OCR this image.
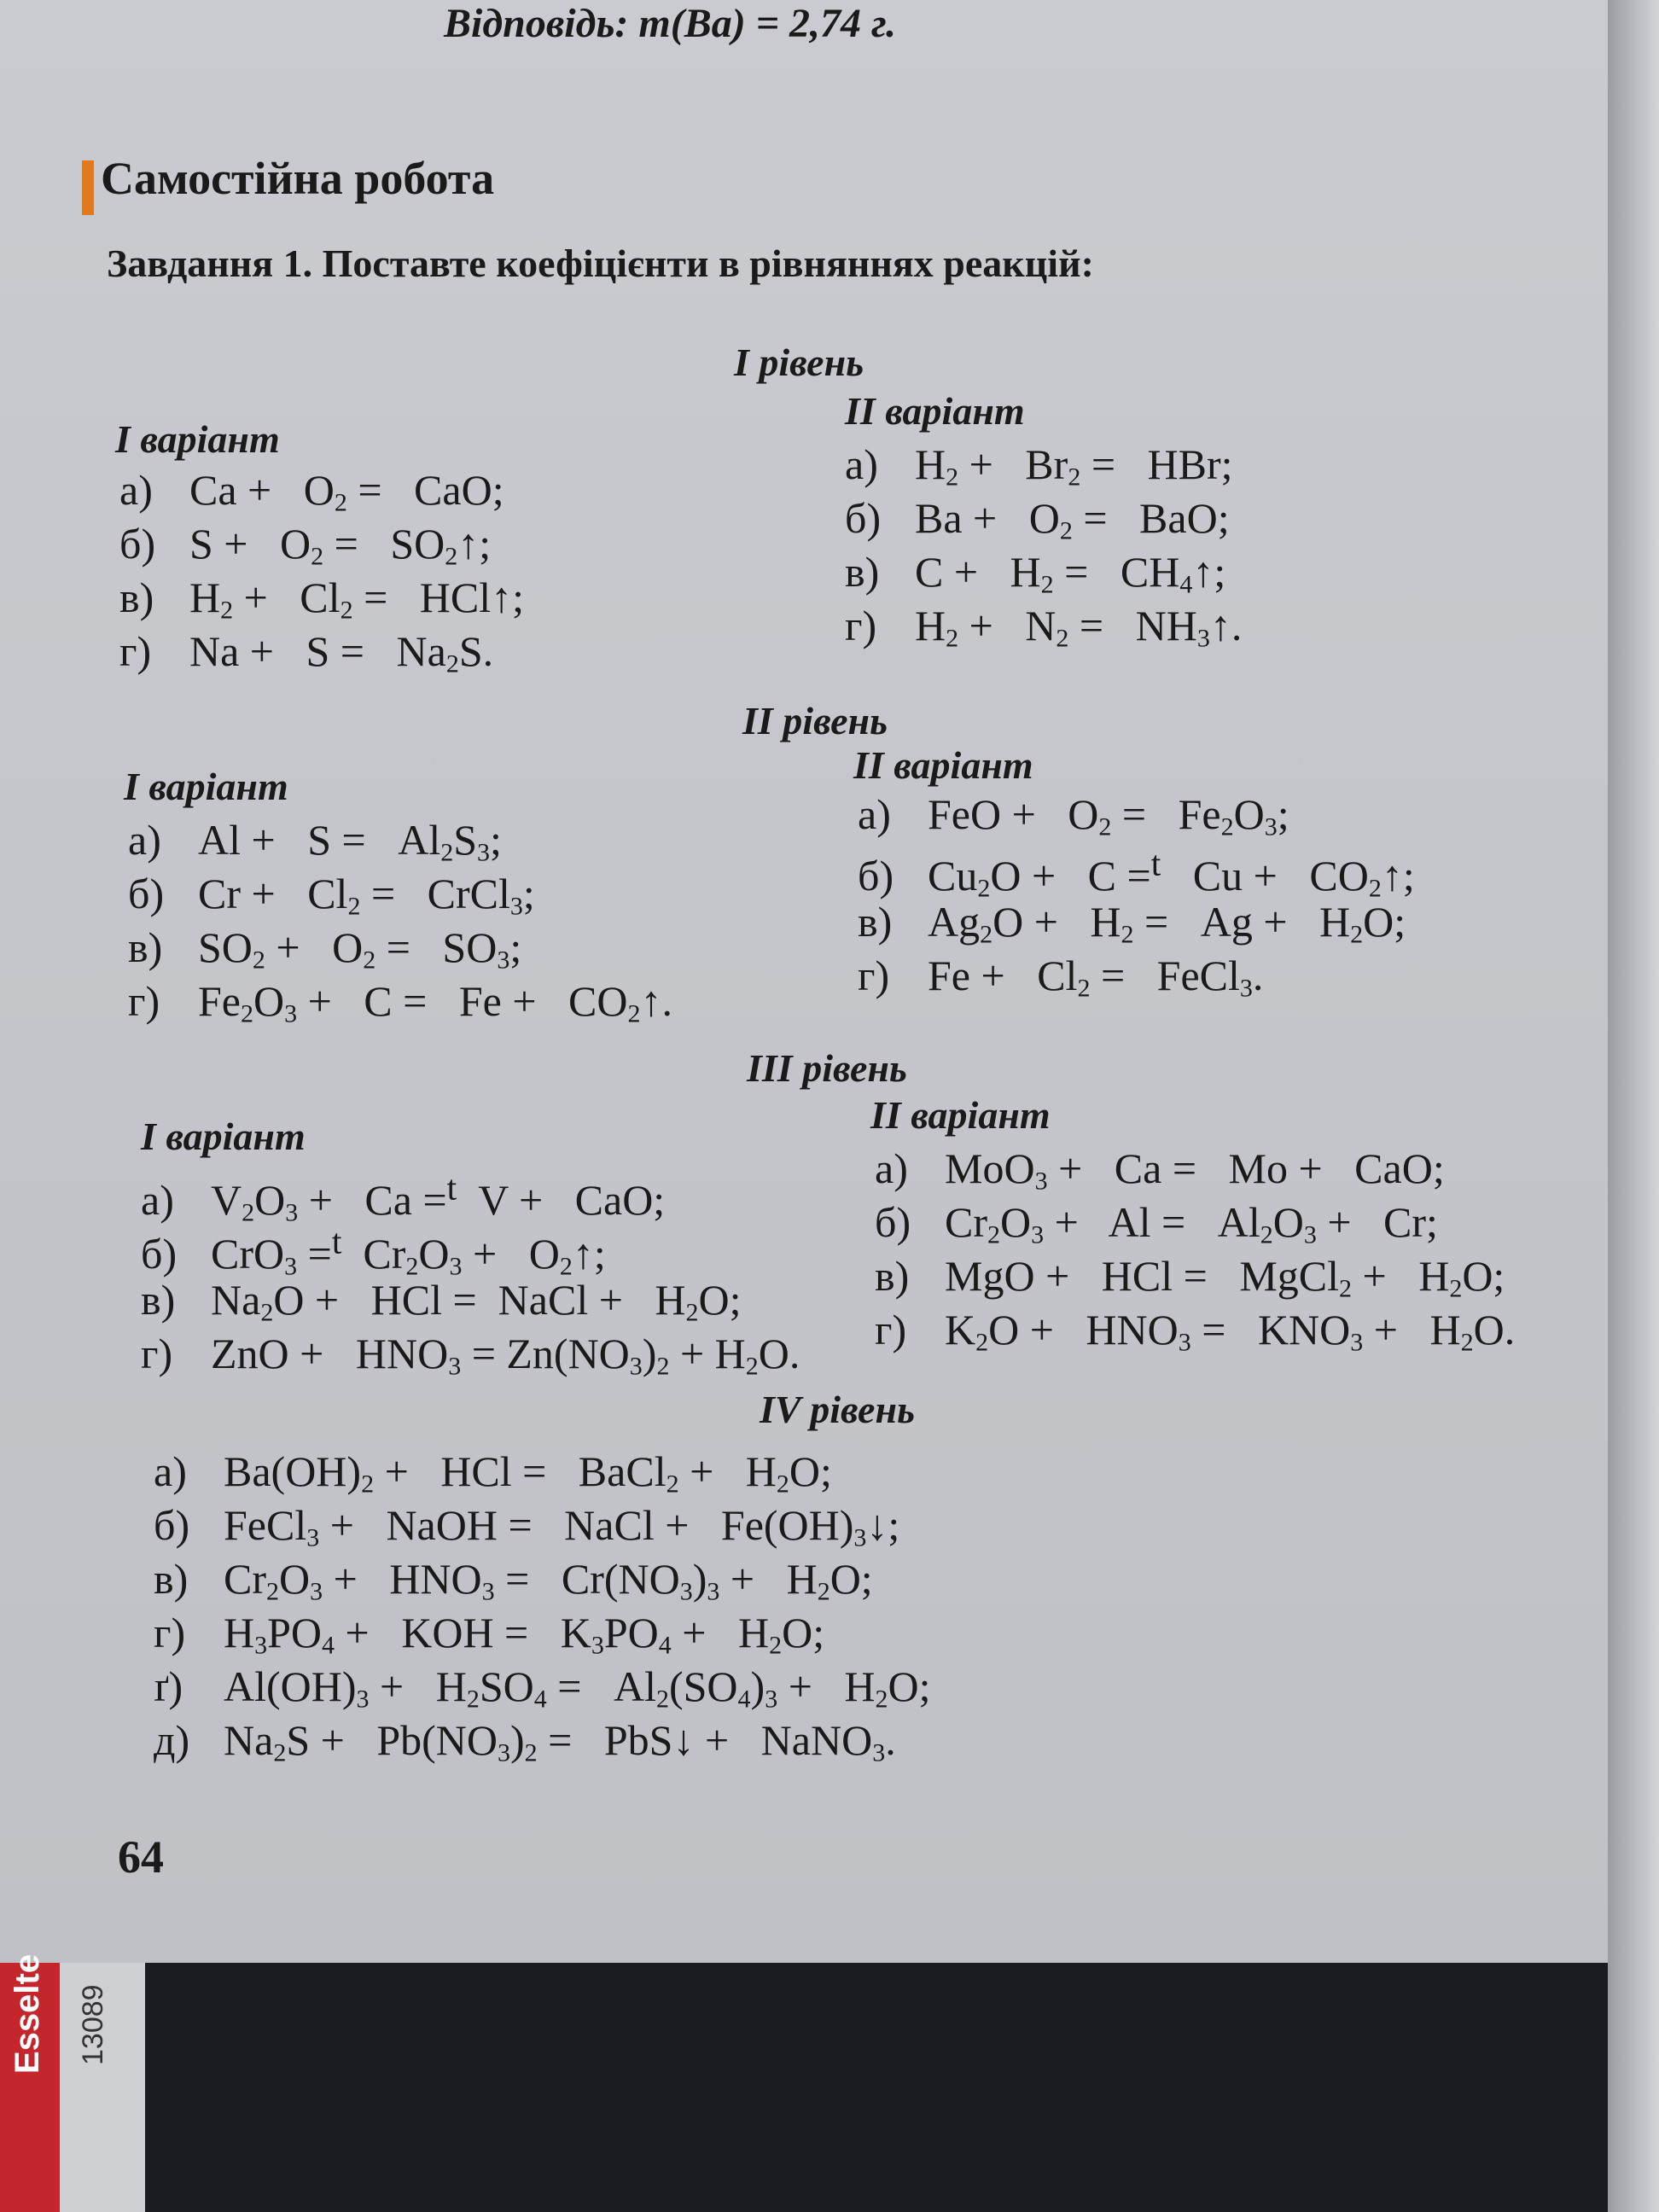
Відповідь: m(Ba) = 2,74 г.
Самостійна робота
Завдання 1. Поставте коефіцієнти в рівняннях реакцій:
I рівень
I варіант
II варіант
II рівень
I варіант	II варіант
III рівень
I варіант	II варіант
IV рівень
64
а) $Ca + O_2$ =   CaO;
б) $S + O_2$ =   $SO_2↑$;
в) $H_2 + Cl_2$ =   HCl↑;
г) $Na + S = Na_2S$.
а) $H_2 + Br_2$ =   HBr;
б) $Ba + O_2$ =   BaO;
в) $C + H_2$ =   $CH_4↑$;
г) $H_2 + N_2$ =   $NH_3↑$.
а) $Al + S = Al_2S_3$;
б) $Cr + Cl_2$ =   CrCl$_3$;
в) $SO_2 + O_2 = SO_3$;
г) $Fe_2O_3 + C = Fe$ +   $CO_2↑$.
а) FeO +   $O_2 = Fe_2O_3$;
б) $Cu_2O + C =^t$   $Cu + CO_2↑$;
в) $Ag_2O + H_2 = Ag + H_2O$;
г) $Fe + Cl_2$ =   FeCl$_3$.
а) $V_2O_3 + Ca =^t$  V +   CaO;
б) CrO$_3$ =$^t$  $Cr_2O_3$ +   $O_2↑$;
в) $Na_2O$ +   HCl =  NaCl +   $H_2O$;
г) ZnO +   $HNO_3 = Zn(NO_3)_2 + H_2O$.
а) MoO$_3$ +   Ca =   Mo +   CaO;
б) $Cr_2O_3 + Al = Al_2O_3 + Cr$;
в) MgO +   HCl =   MgCl$_2$ +   $H_2O$;
г) $K_2O + HNO_3 = KNO_3 + H_2O$.
а) $Ba(OH)_2$ +   HCl =   BaCl$_2$ +   $H_2O$;
б) FeCl$_3$ +   NaOH =   NaCl +   $Fe(OH)_3↓$;
в) $Cr_2O_3 + HNO_3 = Cr(NO_3)_3 + H_2O$;
г) $H_3PO_4$ +   KOH =   $K_3PO_4 + H_2O$;
ґ) $Al(OH)_3 + H_2SO_4 = Al_2(SO_4)_3 + H_2O$;
д) $Na_2S + Pb(NO_3)_2$ =   PbS↓ +   NaNO$_3$.
Esselte 13089
